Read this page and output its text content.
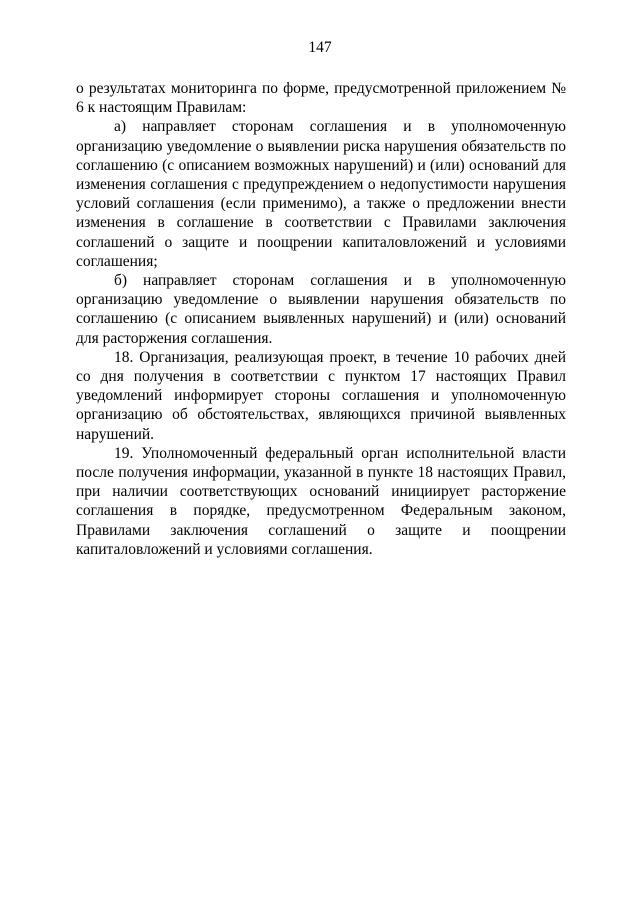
147

о результатах мониторинга по форме, предусмотренной приложением № 6 к настоящим Правилам:

а) направляет сторонам соглашения и в уполномоченную организацию уведомление о выявлении риска нарушения обязательств по соглашению (с описанием возможных нарушений) и (или) оснований для изменения соглашения с предупреждением о недопустимости нарушения условий соглашения (если применимо), а также о предложении внести изменения в соглашение в соответствии с Правилами заключения соглашений о защите и поощрении капиталовложений и условиями соглашения;

б) направляет сторонам соглашения и в уполномоченную организацию уведомление о выявлении нарушения обязательств по соглашению (с описанием выявленных нарушений) и (или) оснований для расторжения соглашения.

18. Организация, реализующая проект, в течение 10 рабочих дней со дня получения в соответствии с пунктом 17 настоящих Правил уведомлений информирует стороны соглашения и уполномоченную организацию об обстоятельствах, являющихся причиной выявленных нарушений.

19. Уполномоченный федеральный орган исполнительной власти после получения информации, указанной в пункте 18 настоящих Правил, при наличии соответствующих оснований инициирует расторжение соглашения в порядке, предусмотренном Федеральным законом, Правилами заключения соглашений о защите и поощрении капиталовложений и условиями соглашения.
